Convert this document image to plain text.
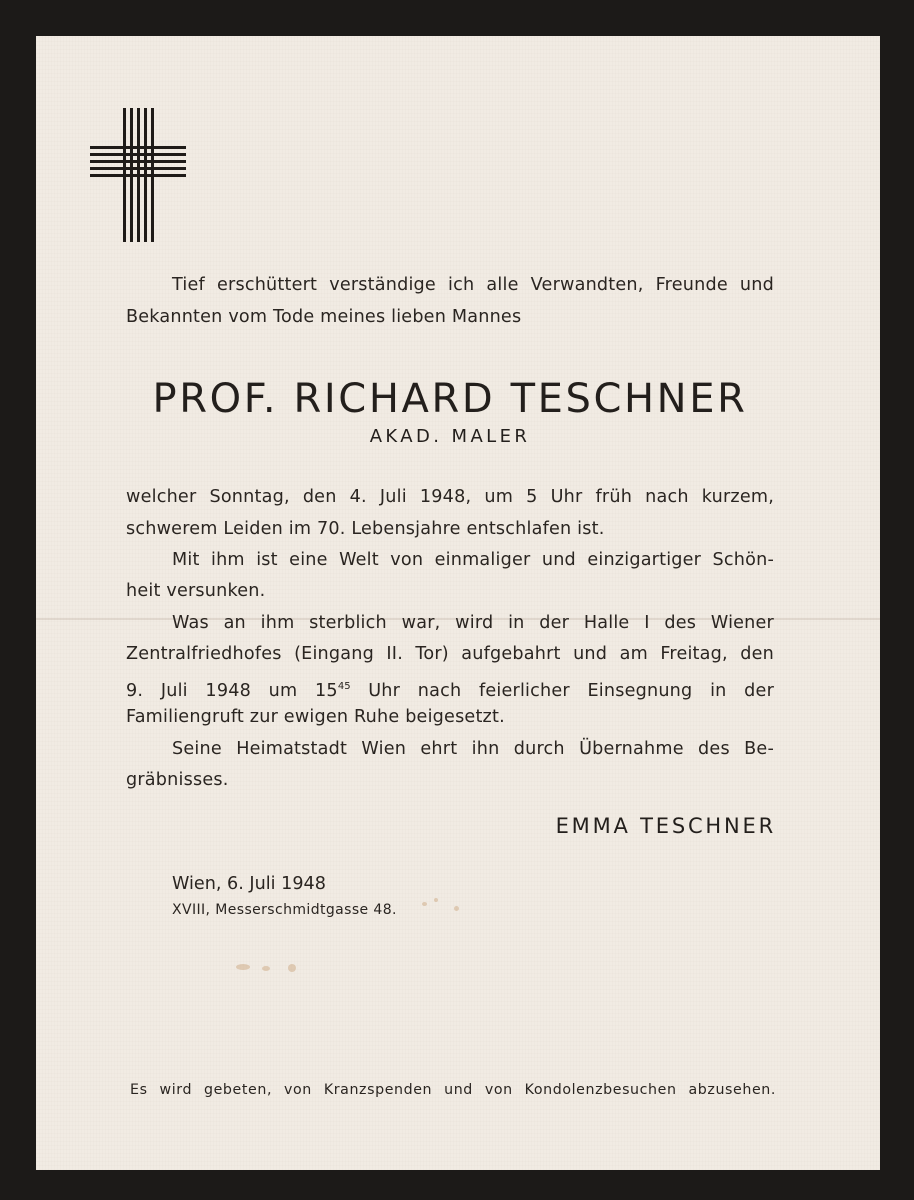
Tief erschüttert verständige ich alle Verwandten, Freunde und

Bekannten vom Tode meines lieben Mannes

PROF. RICHARD TESCHNER
AKAD. MALER

welcher Sonntag, den 4. Juli 1948, um 5 Uhr früh nach kurzem,

schwerem Leiden im 70. Lebensjahre entschlafen ist.

Mit ihm ist eine Welt von einmaliger und einzigartiger Schön-

heit versunken.

Was an ihm sterblich war, wird in der Halle I des Wiener

Zentralfriedhofes (Eingang II. Tor) aufgebahrt und am Freitag, den

9. Juli 1948 um $15^{45}$ Uhr nach feierlicher Einsegnung in der

Familiengruft zur ewigen Ruhe beigesetzt.

Seine Heimatstadt Wien ehrt ihn durch Übernahme des Be-

gräbnisses.

EMMA TESCHNER
Wien, 6. Juli 1948
XVIII, Messerschmidtgasse 48.
Es wird gebeten, von Kranzspenden und von Kondolenzbesuchen abzusehen.
